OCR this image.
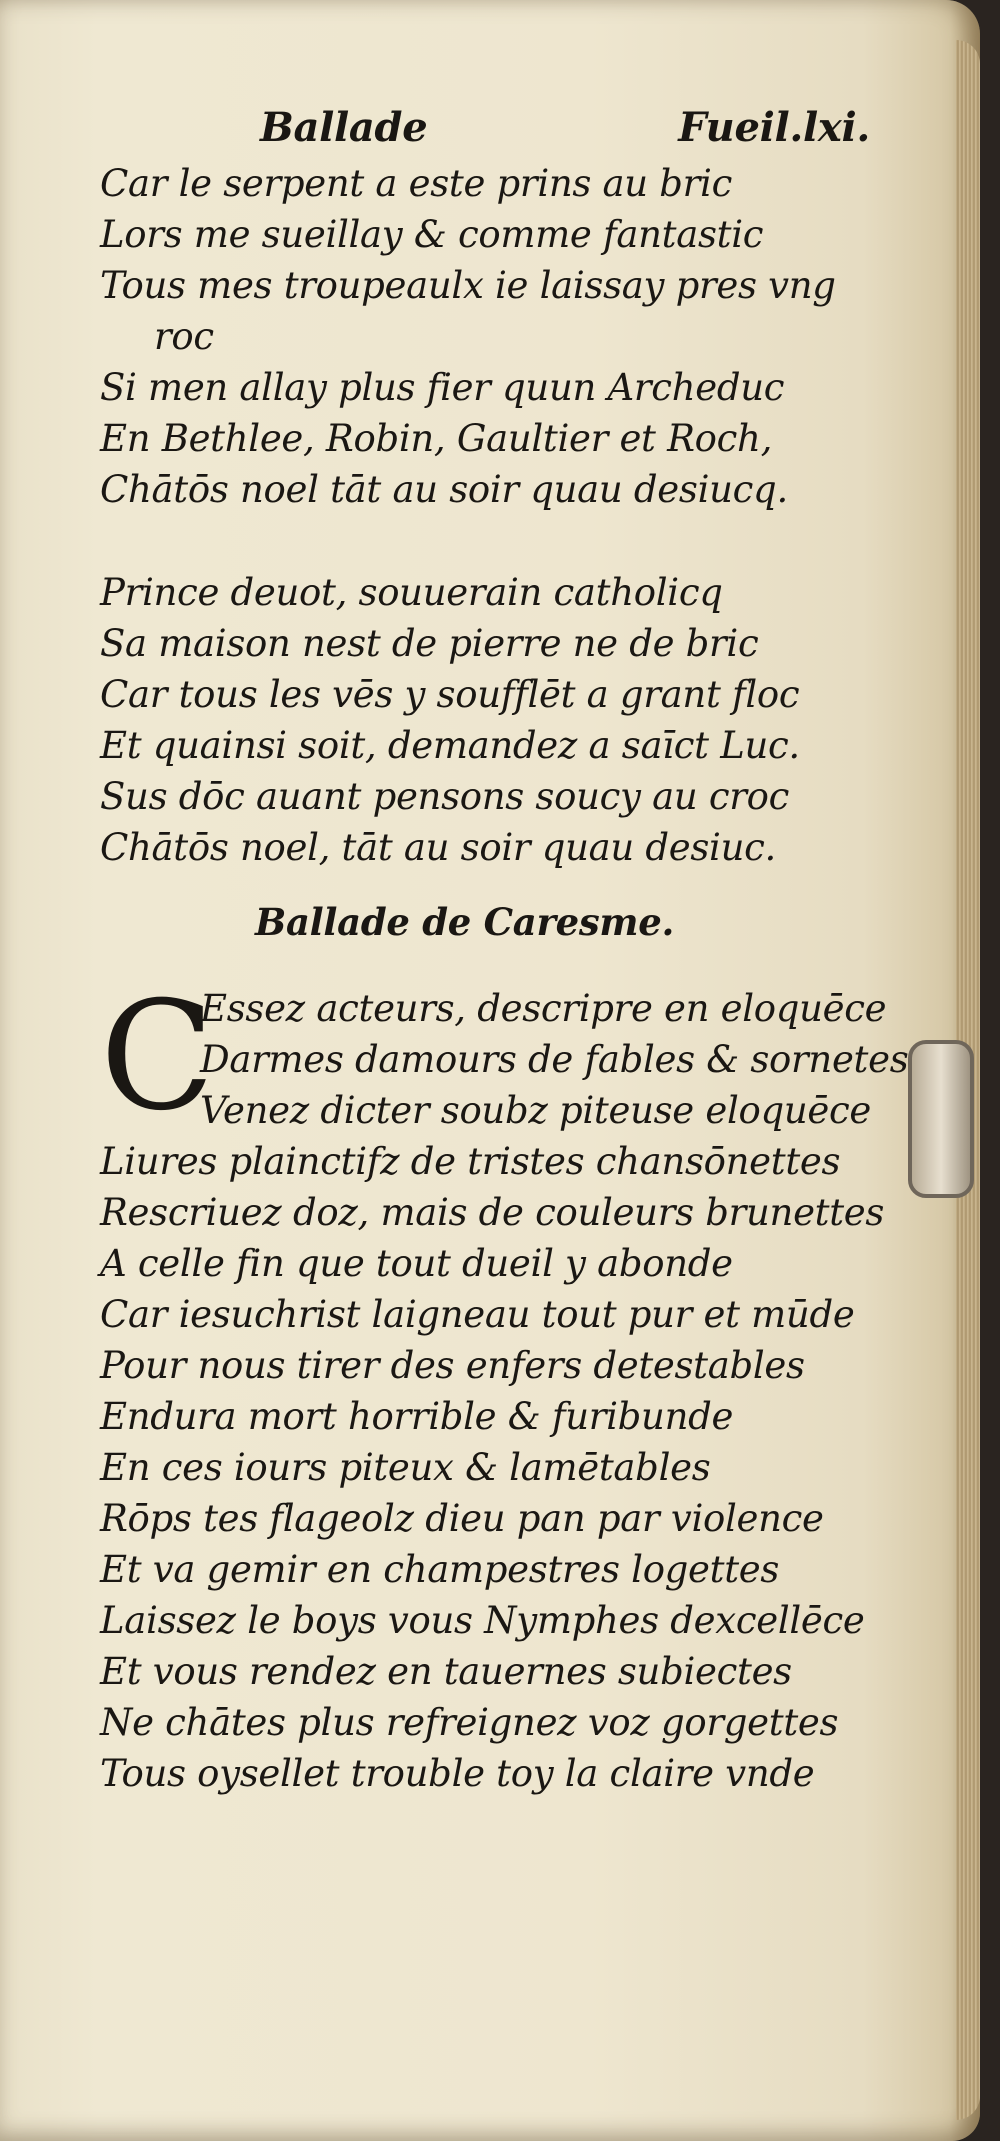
Ballade	Fueil.lxi.
Car le serpent a este prins au bric
Lors me sueillay & comme fantastic
Tous mes troupeaulx ie laissay pres vng
roc
Si men allay plus fier quun Archeduc
En Bethlee, Robin, Gaultier et Roch,
Chātōs noel tāt au soir quau desiucq.
Prince deuot, souuerain catholicq
Sa maison nest de pierre ne de bric
Car tous les vēs y soufflēt a grant floc
Et quainsi soit, demandez a saīct Luc.
Sus dōc auant pensons soucy au croc
Chātōs noel, tāt au soir quau desiuc.
Ballade de Caresme.
C
Essez acteurs, descripre en eloquēce
Darmes damours de fables & sornetes
Venez dicter soubz piteuse eloquēce
Liures plainctifz de tristes chansōnettes
Rescriuez doz, mais de couleurs brunettes
A celle fin que tout dueil y abonde
Car iesuchrist laigneau tout pur et mūde
Pour nous tirer des enfers detestables
Endura mort horrible & furibunde
En ces iours piteux & lamētables
Rōps tes flageolz dieu pan par violence
Et va gemir en champestres logettes
Laissez le boys vous Nymphes dexcellēce
Et vous rendez en tauernes subiectes
Ne chātes plus refreignez voz gorgettes
Tous oysellet trouble toy la claire vnde
